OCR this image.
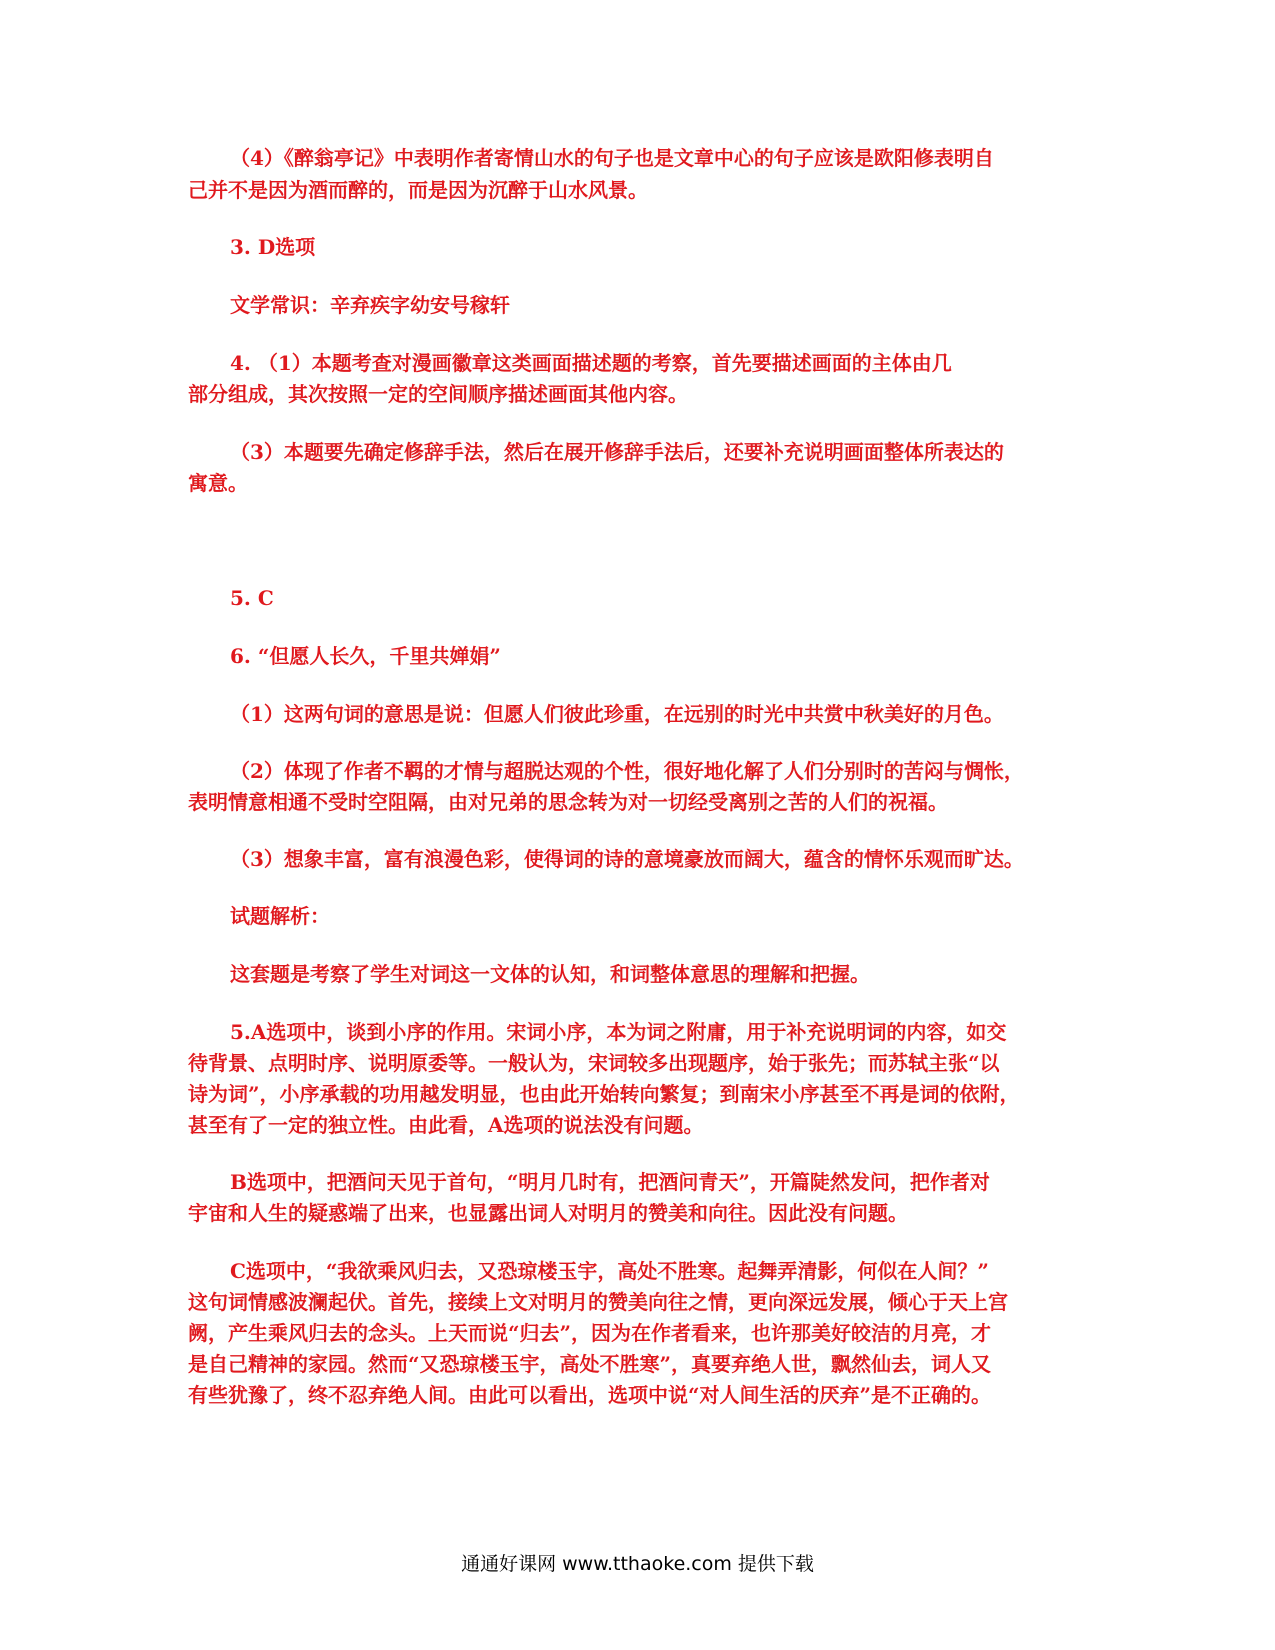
（4）《醉翁亭记》中表明作者寄情山水的句子也是文章中心的句子应该是欧阳修表明自
己并不是因为酒而醉的，而是因为沉醉于山水风景。
3. D选项
文学常识：辛弃疾字幼安号稼轩
4. （1）本题考查对漫画徽章这类画面描述题的考察，首先要描述画面的主体由几
部分组成，其次按照一定的空间顺序描述画面其他内容。
（3）本题要先确定修辞手法，然后在展开修辞手法后，还要补充说明画面整体所表达的
寓意。
5. C
6. “但愿人长久，千里共婵娟”
（1）这两句词的意思是说：但愿人们彼此珍重，在远别的时光中共赏中秋美好的月色。
（2）体现了作者不羁的才情与超脱达观的个性，很好地化解了人们分别时的苦闷与惆怅，
表明情意相通不受时空阻隔，由对兄弟的思念转为对一切经受离别之苦的人们的祝福。
（3）想象丰富，富有浪漫色彩，使得词的诗的意境豪放而阔大，蕴含的情怀乐观而旷达。
试题解析：
这套题是考察了学生对词这一文体的认知，和词整体意思的理解和把握。
5.A选项中，谈到小序的作用。宋词小序，本为词之附庸，用于补充说明词的内容，如交
待背景、点明时序、说明原委等。一般认为，宋词较多出现题序，始于张先；而苏轼主张“以
诗为词”，小序承载的功用越发明显，也由此开始转向繁复；到南宋小序甚至不再是词的依附，
甚至有了一定的独立性。由此看，A选项的说法没有问题。
B选项中，把酒问天见于首句，“明月几时有，把酒问青天”，开篇陡然发问，把作者对
宇宙和人生的疑惑端了出来，也显露出词人对明月的赞美和向往。因此没有问题。
C选项中，“我欲乘风归去，又恐琼楼玉宇，高处不胜寒。起舞弄清影，何似在人间？”
这句词情感波澜起伏。首先，接续上文对明月的赞美向往之情，更向深远发展，倾心于天上宫
阙，产生乘风归去的念头。上天而说“归去”，因为在作者看来，也许那美好皎洁的月亮，才
是自己精神的家园。然而“又恐琼楼玉宇，高处不胜寒”，真要弃绝人世，飘然仙去，词人又
有些犹豫了，终不忍弃绝人间。由此可以看出，选项中说“对人间生活的厌弃”是不正确的。
通通好课网 www.tthaoke.com 提供下载
